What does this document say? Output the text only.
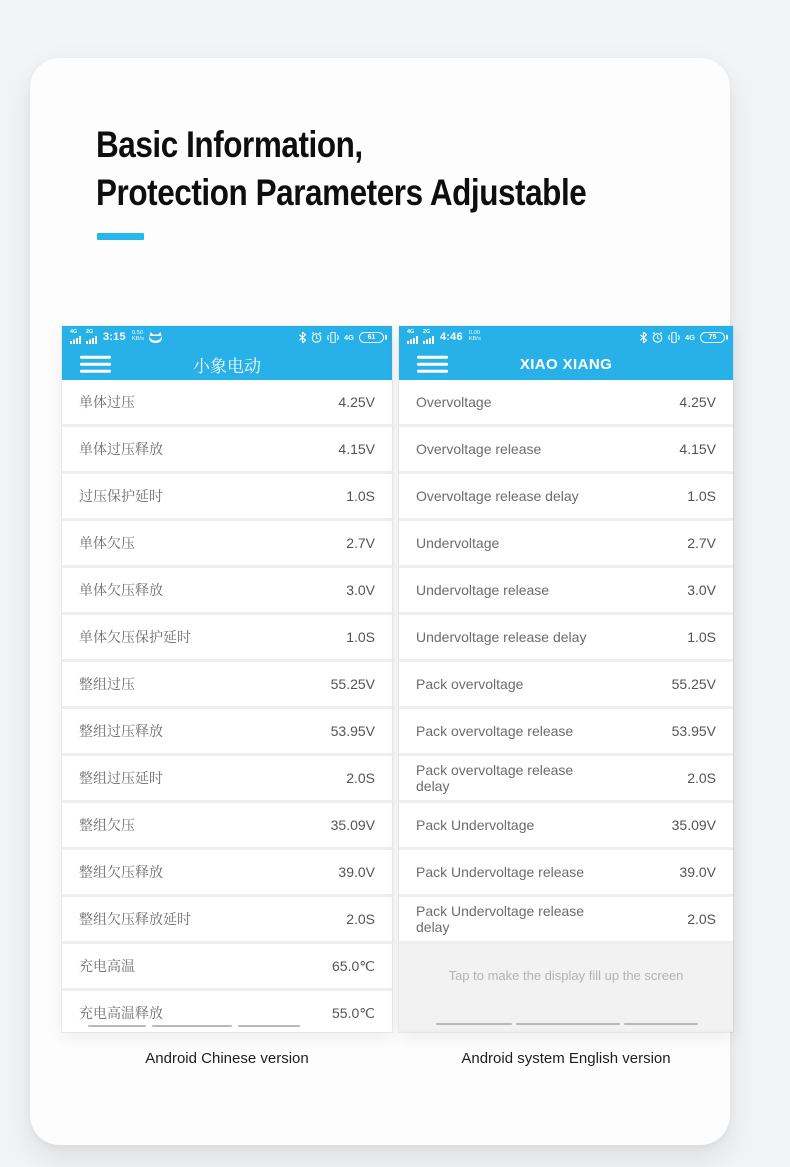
Basic Information,
Protection Parameters Adjustable
4G 2G 3:15 0.50
KB/s	4G 61
小象电动
单体过压	4.25V
单体过压释放	4.15V
过压保护延时	1.0S
单体欠压	2.7V
单体欠压释放	3.0V
单体欠压保护延时	1.0S
整组过压	55.25V
整组过压释放	53.95V
整组过压延时	2.0S
整组欠压	35.09V
整组欠压释放	39.0V
整组欠压释放延时	2.0S
充电高温	65.0℃
充电高温释放	55.0℃
4G 2G 4:46 0.00
KB/s	4G 75
XIAO XIANG
Overvoltage	4.25V
Overvoltage release	4.15V
Overvoltage release delay	1.0S
Undervoltage	2.7V
Undervoltage release	3.0V
Undervoltage release delay	1.0S
Pack overvoltage	55.25V
Pack overvoltage release	53.95V
Pack overvoltage release delay	2.0S
Pack Undervoltage	35.09V
Pack Undervoltage release	39.0V
Pack Undervoltage release delay	2.0S
Tap to make the display fill up the screen
Android Chinese version	Android system English version
